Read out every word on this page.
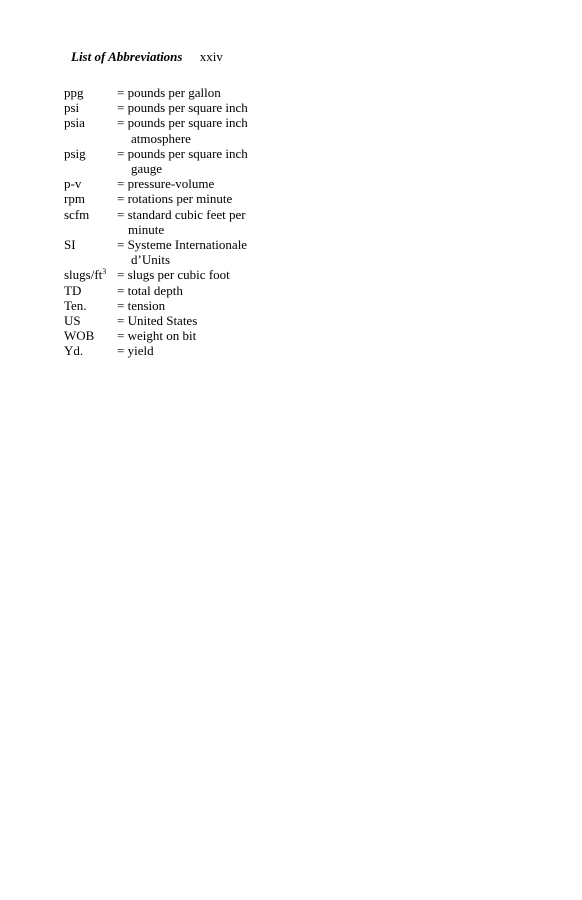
List of Abbreviations xxiv
ppg	= pounds per gallon
psi	= pounds per square inch
psia	= pounds per square inch
atmosphere
psig	= pounds per square inch
gauge
p-v	= pressure-volume
rpm	= rotations per minute
scfm	= standard cubic feet per
minute
SI	= Systeme Internationale
d’Units
slugs/$ft^3$ = slugs per cubic foot
TD	= total depth
Ten.	= tension
US	= United States
WOB	= weight on bit
Yd.	= yield
